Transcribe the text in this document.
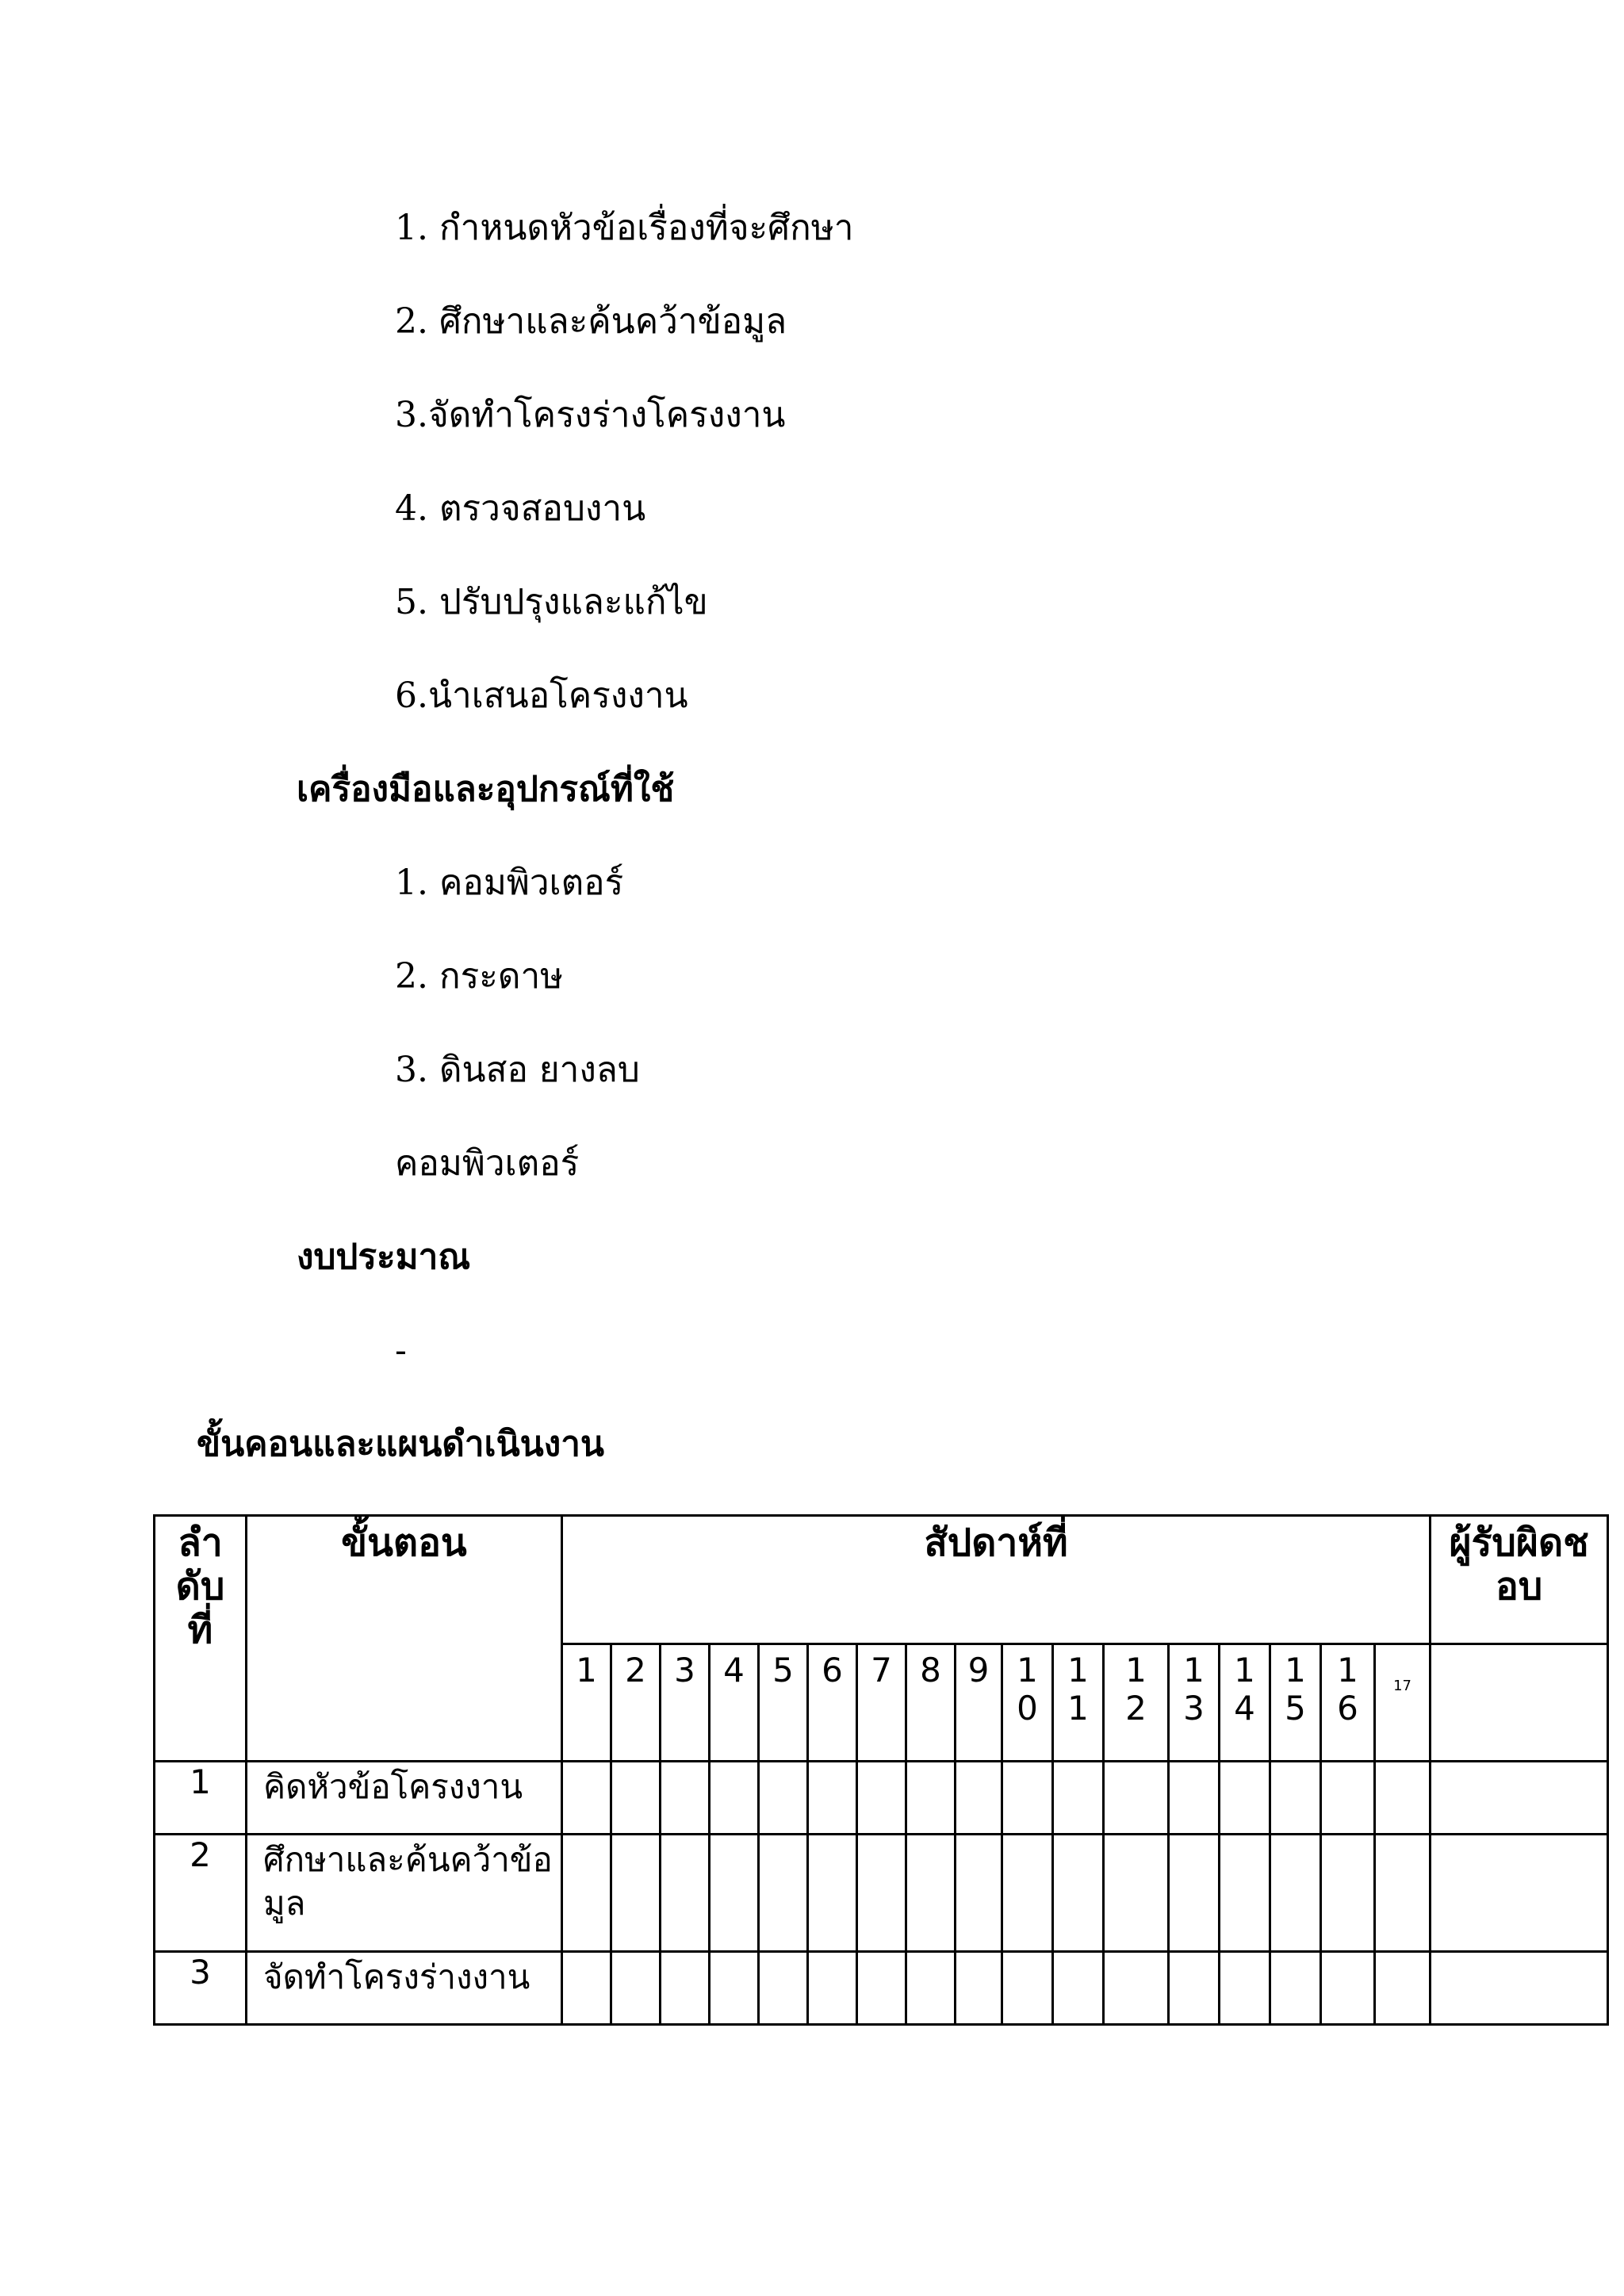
1. กำหนดหัวข้อเรื่องที่จะศึกษา
2. ศึกษาและค้นคว้าข้อมูล
3.จัดทำโครงร่างโครงงาน
4. ตรวจสอบงาน
5. ปรับปรุงและแก้ไข
6.นำเสนอโครงงาน
เครื่องมือและอุปกรณ์ที่ใช้
1. คอมพิวเตอร์
2. กระดาษ
3. ดินสอ ยางลบ
คอมพิวเตอร์
งบประมาณ
-
ขั้นคอนและแผนดำเนินงาน
ลำดับที่	ขั้นตอน	สัปดาห์ที่																	ผู้รับผิดชอบ

		1	2	3	4	5	6	7	8	9	10	11	12	13	14	15	16	17	
1	คิดหัวข้อโครงงาน																		
2	ศึกษาและค้นคว้าข้อมูล																		
3	จัดทำโครงร่างงาน																		
